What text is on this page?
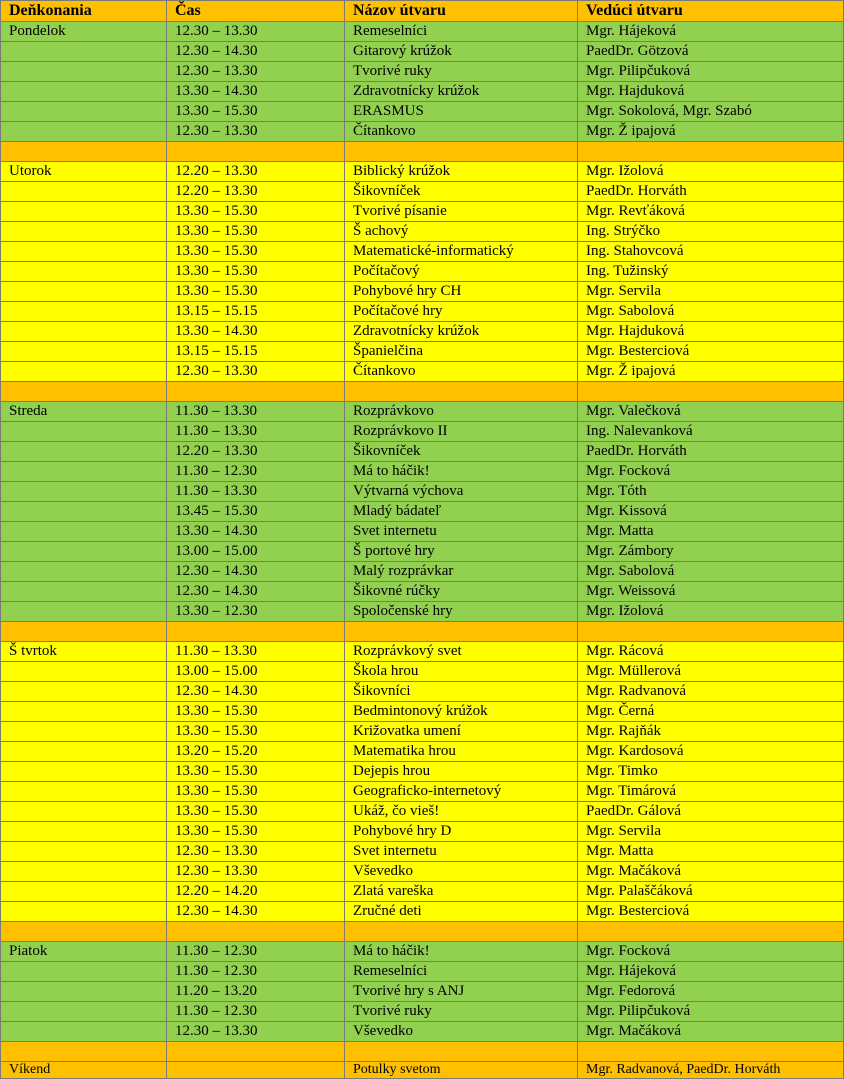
Deňkonania	Čas	Názov útvaru	Vedúci útvaru
Pondelok	12.30 – 13.30	Remeselníci	Mgr. Hájeková
	12.30 – 14.30	Gitarový krúžok	PaedDr. Götzová
	12.30 – 13.30	Tvorivé ruky	Mgr. Pilipčuková
	13.30 – 14.30	Zdravotnícky krúžok	Mgr. Hajduková
	13.30 – 15.30	ERASMUS	Mgr. Sokolová, Mgr. Szabó
	12.30 – 13.30	Čítankovo	Mgr. Ž ipajová

Utorok	12.20 – 13.30	Biblický krúžok	Mgr. Ižolová
	12.20 – 13.30	Šikovníček	PaedDr. Horváth
	13.30 – 15.30	Tvorivé písanie	Mgr. Revťáková
	13.30 – 15.30	Š achový	Ing. Strýčko
	13.30 – 15.30	Matematické-informatický	Ing. Stahovcová
	13.30 – 15.30	Počítačový	Ing. Tužinský
	13.30 – 15.30	Pohybové hry CH	Mgr. Servila
	13.15 – 15.15	Počítačové hry	Mgr. Sabolová
	13.30 – 14.30	Zdravotnícky krúžok	Mgr. Hajduková
	13.15 – 15.15	Španielčina	Mgr. Besterciová
	12.30 – 13.30	Čítankovo	Mgr. Ž ipajová

Streda	11.30 – 13.30	Rozprávkovo	Mgr. Valečková
	11.30 – 13.30	Rozprávkovo II	Ing. Nalevanková
	12.20 – 13.30	Šikovníček	PaedDr. Horváth
	11.30 – 12.30	Má to háčik!	Mgr. Focková
	11.30 – 13.30	Výtvarná výchova	Mgr. Tóth
	13.45 – 15.30	Mladý bádateľ	Mgr. Kissová
	13.30 – 14.30	Svet internetu	Mgr. Matta
	13.00 – 15.00	Š portové hry	Mgr. Zámbory
	12.30 – 14.30	Malý rozprávkar	Mgr. Sabolová
	12.30 – 14.30	Šikovné rúčky	Mgr. Weissová
	13.30 – 12.30	Spoločenské hry	Mgr. Ižolová

Š tvrtok	11.30 – 13.30	Rozprávkový svet	Mgr. Rácová
	13.00 – 15.00	Škola hrou	Mgr. Müllerová
	12.30 – 14.30	Šikovníci	Mgr. Radvanová
	13.30 – 15.30	Bedmintonový krúžok	Mgr. Černá
	13.30 – 15.30	Križovatka umení	Mgr. Rajňák
	13.20 – 15.20	Matematika hrou	Mgr. Kardosová
	13.30 – 15.30	Dejepis hrou	Mgr. Timko
	13.30 – 15.30	Geograficko-internetový	Mgr. Timárová
	13.30 – 15.30	Ukáž, čo vieš!	PaedDr. Gálová
	13.30 – 15.30	Pohybové hry D	Mgr. Servila
	12.30 – 13.30	Svet internetu	Mgr. Matta
	12.30 – 13.30	Vševedko	Mgr. Mačáková
	12.20 – 14.20	Zlatá vareška	Mgr. Palaščáková
	12.30 – 14.30	Zručné deti	Mgr. Besterciová

Piatok	11.30 – 12.30	Má to háčik!	Mgr. Focková
	11.30 – 12.30	Remeselníci	Mgr. Hájeková
	11.20 – 13.20	Tvorivé hry s ANJ	Mgr. Fedorová
	11.30 – 12.30	Tvorivé ruky	Mgr. Pilipčuková
	12.30 – 13.30	Vševedko	Mgr. Mačáková

Víkend		Potulky svetom	Mgr. Radvanová, PaedDr. Horváth
